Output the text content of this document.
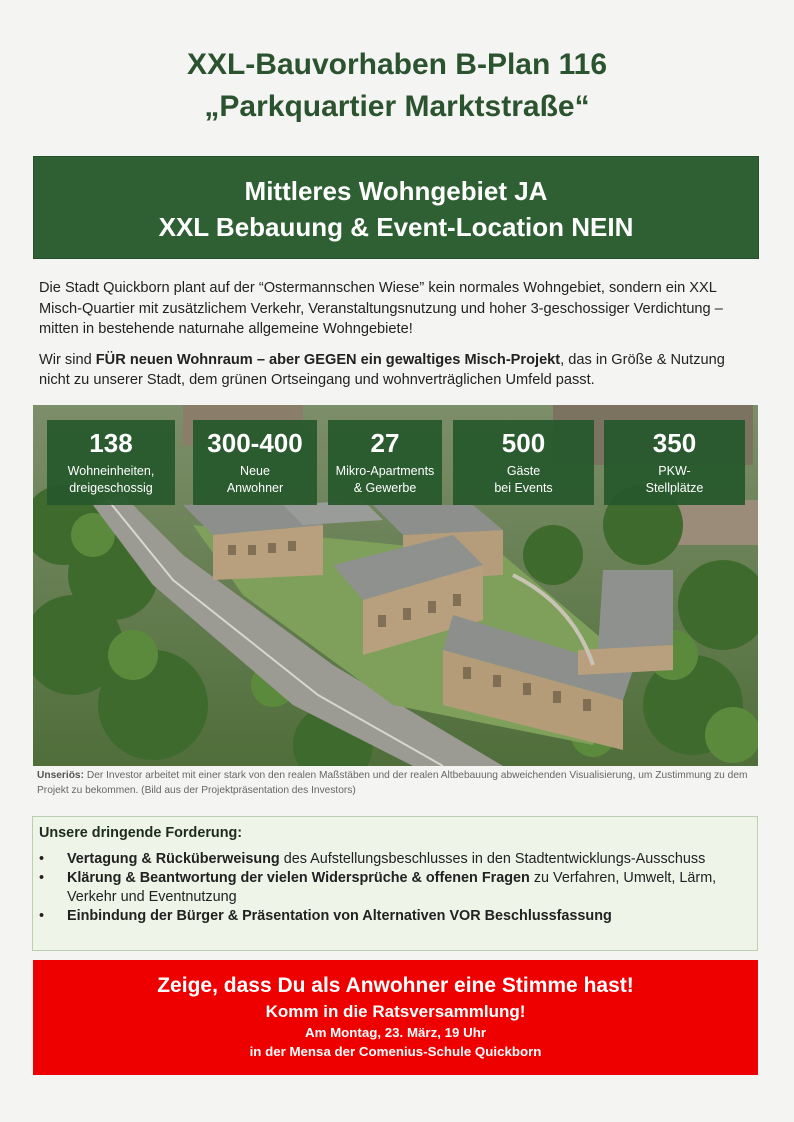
XXL-Bauvorhaben B-Plan 116
„Parkquartier Marktstraße“
Mittleres Wohngebiet JA
XXL Bebauung & Event-Location NEIN

Die Stadt Quickborn plant auf der “Ostermannschen Wiese” kein normales Wohngebiet, sondern ein XXL Misch-Quartier mit zusätzlichem Verkehr, Veranstaltungsnutzung und hoher 3-geschossiger Verdichtung – mitten in bestehende naturnahe allgemeine Wohngebiete!

Wir sind FÜR neuen Wohnraum – aber GEGEN ein gewaltiges Misch-Projekt, das in Größe & Nutzung nicht zu unserer Stadt, dem grünen Ortseingang und wohnverträglichen Umfeld passt.

138
Wohneinheiten,
dreigeschossig
300-400
Neue
Anwohner
27
Mikro-Apartments
& Gewerbe
500
Gäste
bei Events
350
PKW-
Stellplätze
Unseriös: Der Investor arbeitet mit einer stark von den realen Maßstäben und der realen Altbebauung abweichenden Visualisierung, um Zustimmung zu dem Projekt zu bekommen. (Bild aus der Projektpräsentation des Investors)
Unsere dringende Forderung:
• Vertagung & Rücküberweisung des Aufstellungsbeschlusses in den Stadtentwicklungs-Ausschuss
• Klärung & Beantwortung der vielen Widersprüche & offenen Fragen zu Verfahren, Umwelt, Lärm, Verkehr und Eventnutzung
• Einbindung der Bürger & Präsentation von Alternativen VOR Beschlussfassung
Zeige, dass Du als Anwohner eine Stimme hast!
Komm in die Ratsversammlung!
Am Montag, 23. März, 19 Uhr
in der Mensa der Comenius-Schule Quickborn
